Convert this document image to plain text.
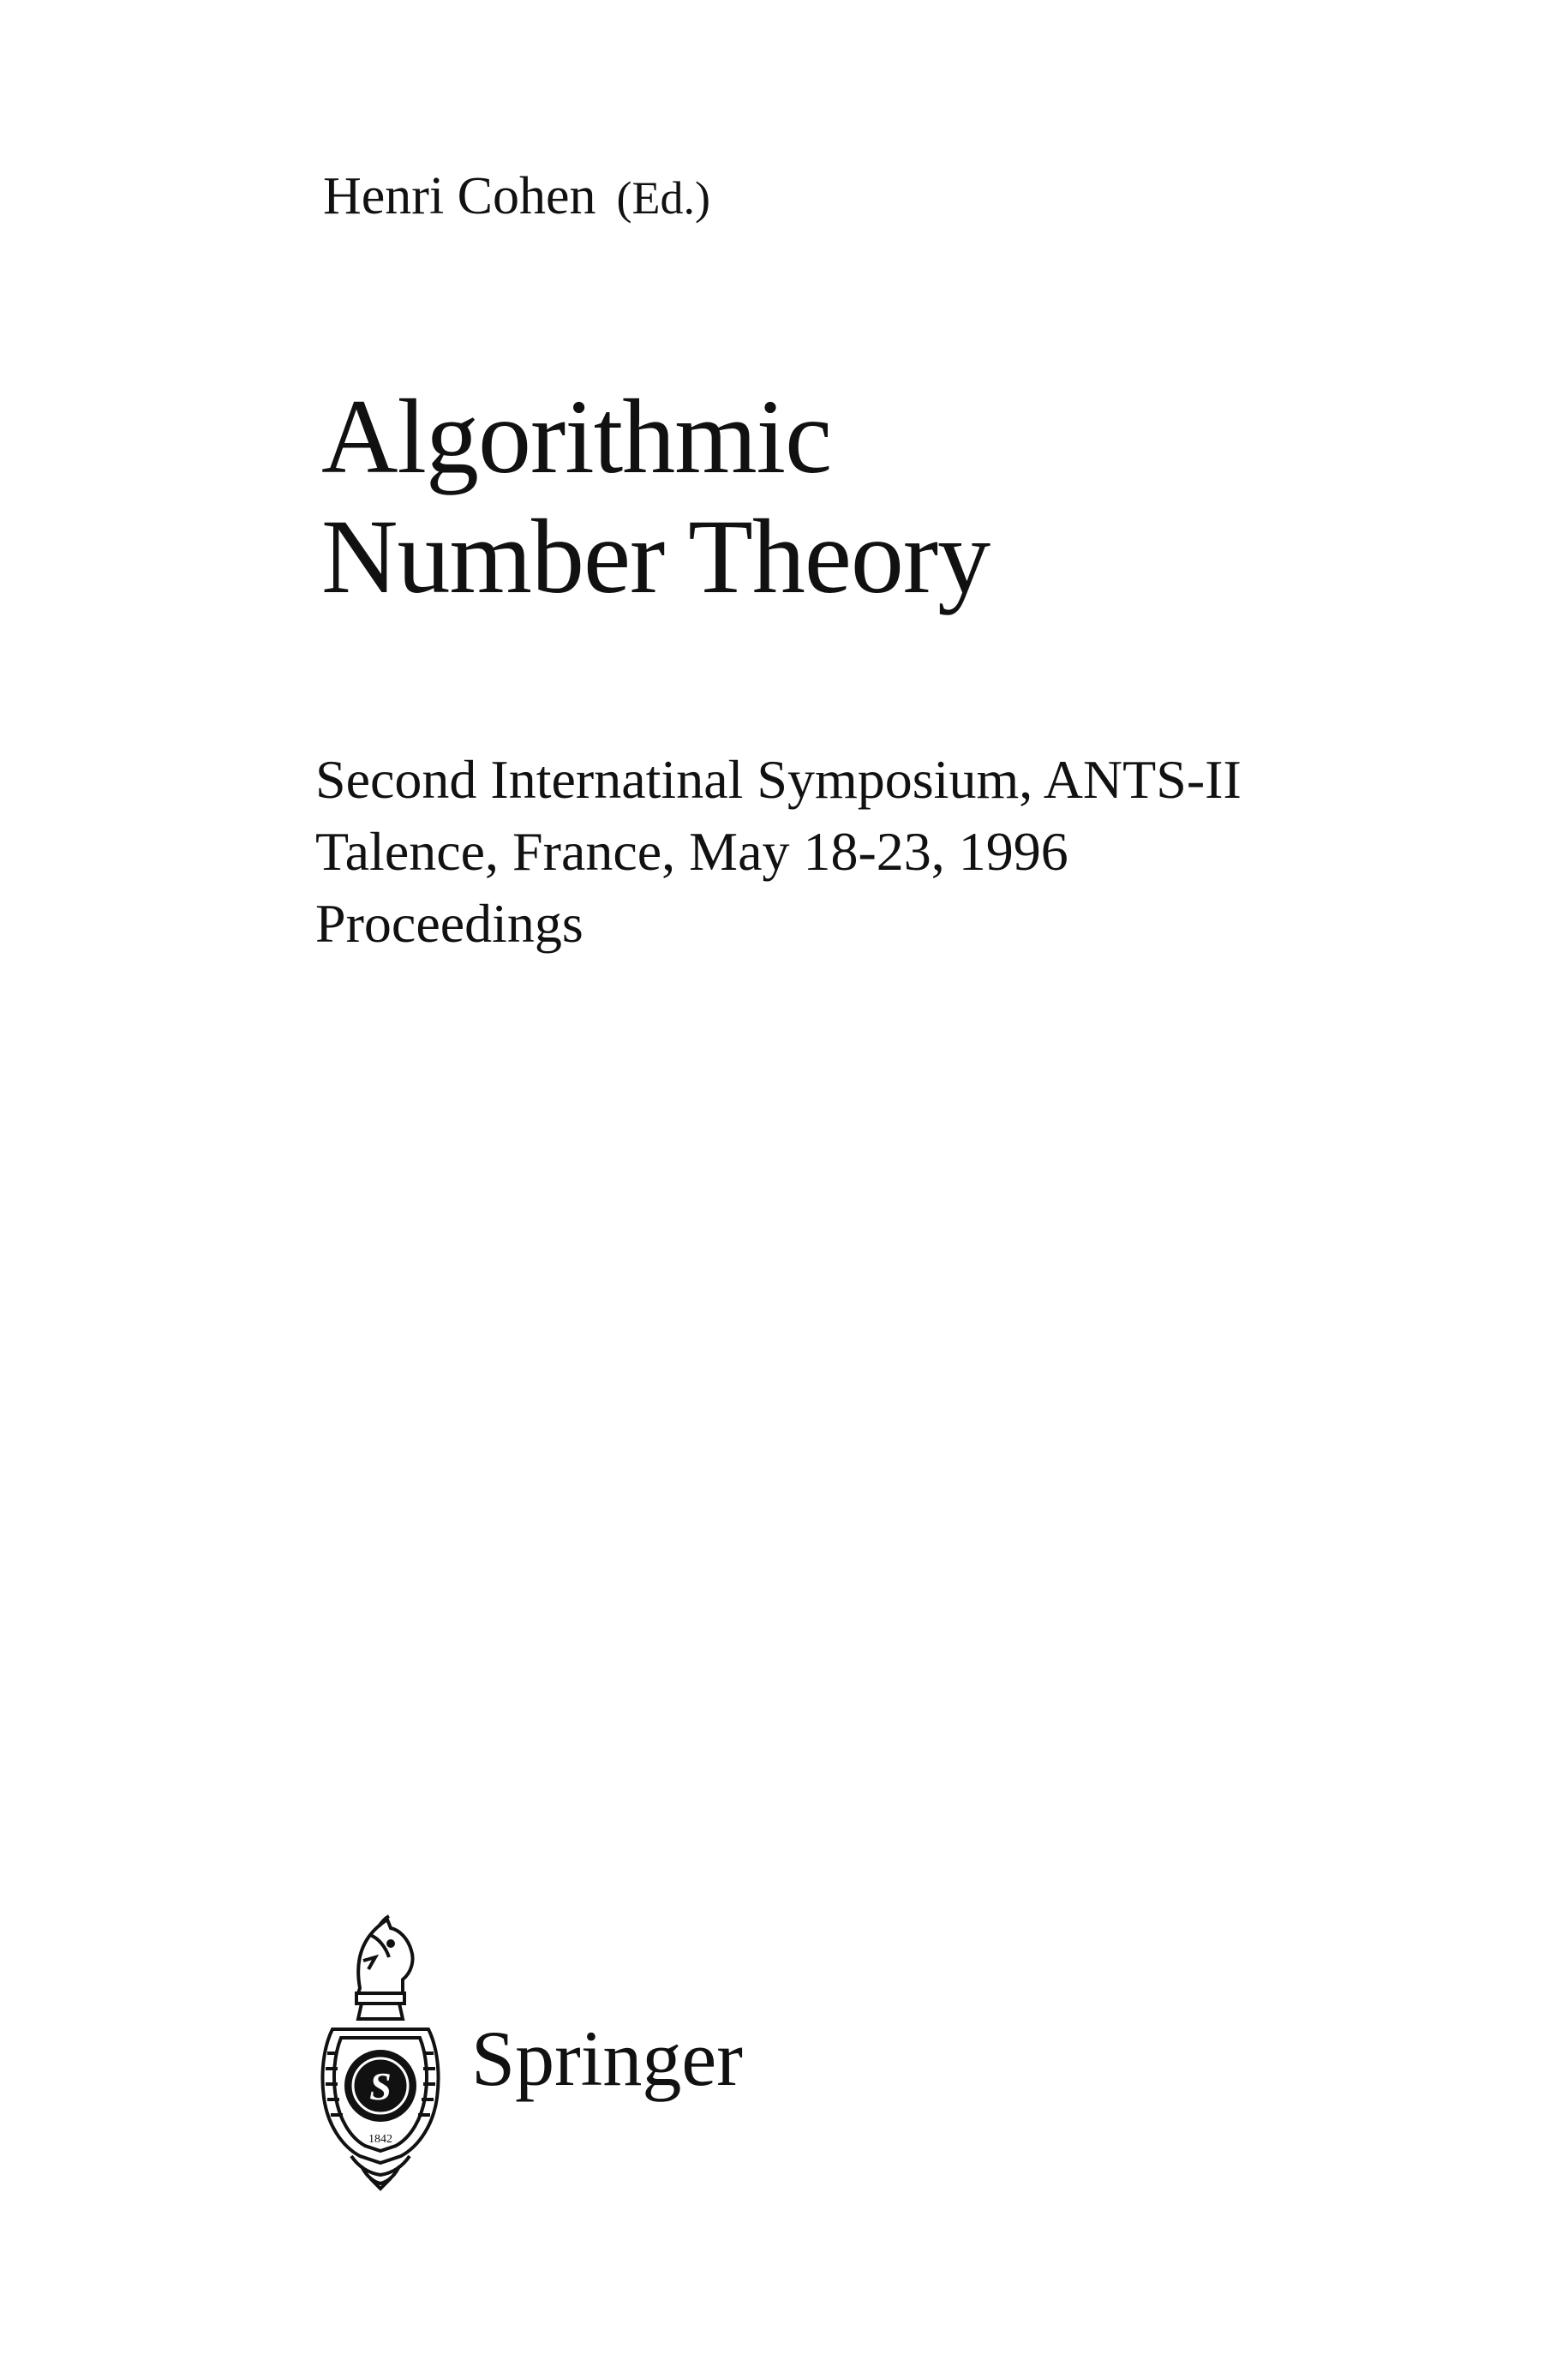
Henri Cohen (Ed.)
Algorithmic
Number Theory
Second Internatinal Symposium, ANTS-II
Talence, France, May 18-23, 1996
Proceedings
S
1842
Springer
